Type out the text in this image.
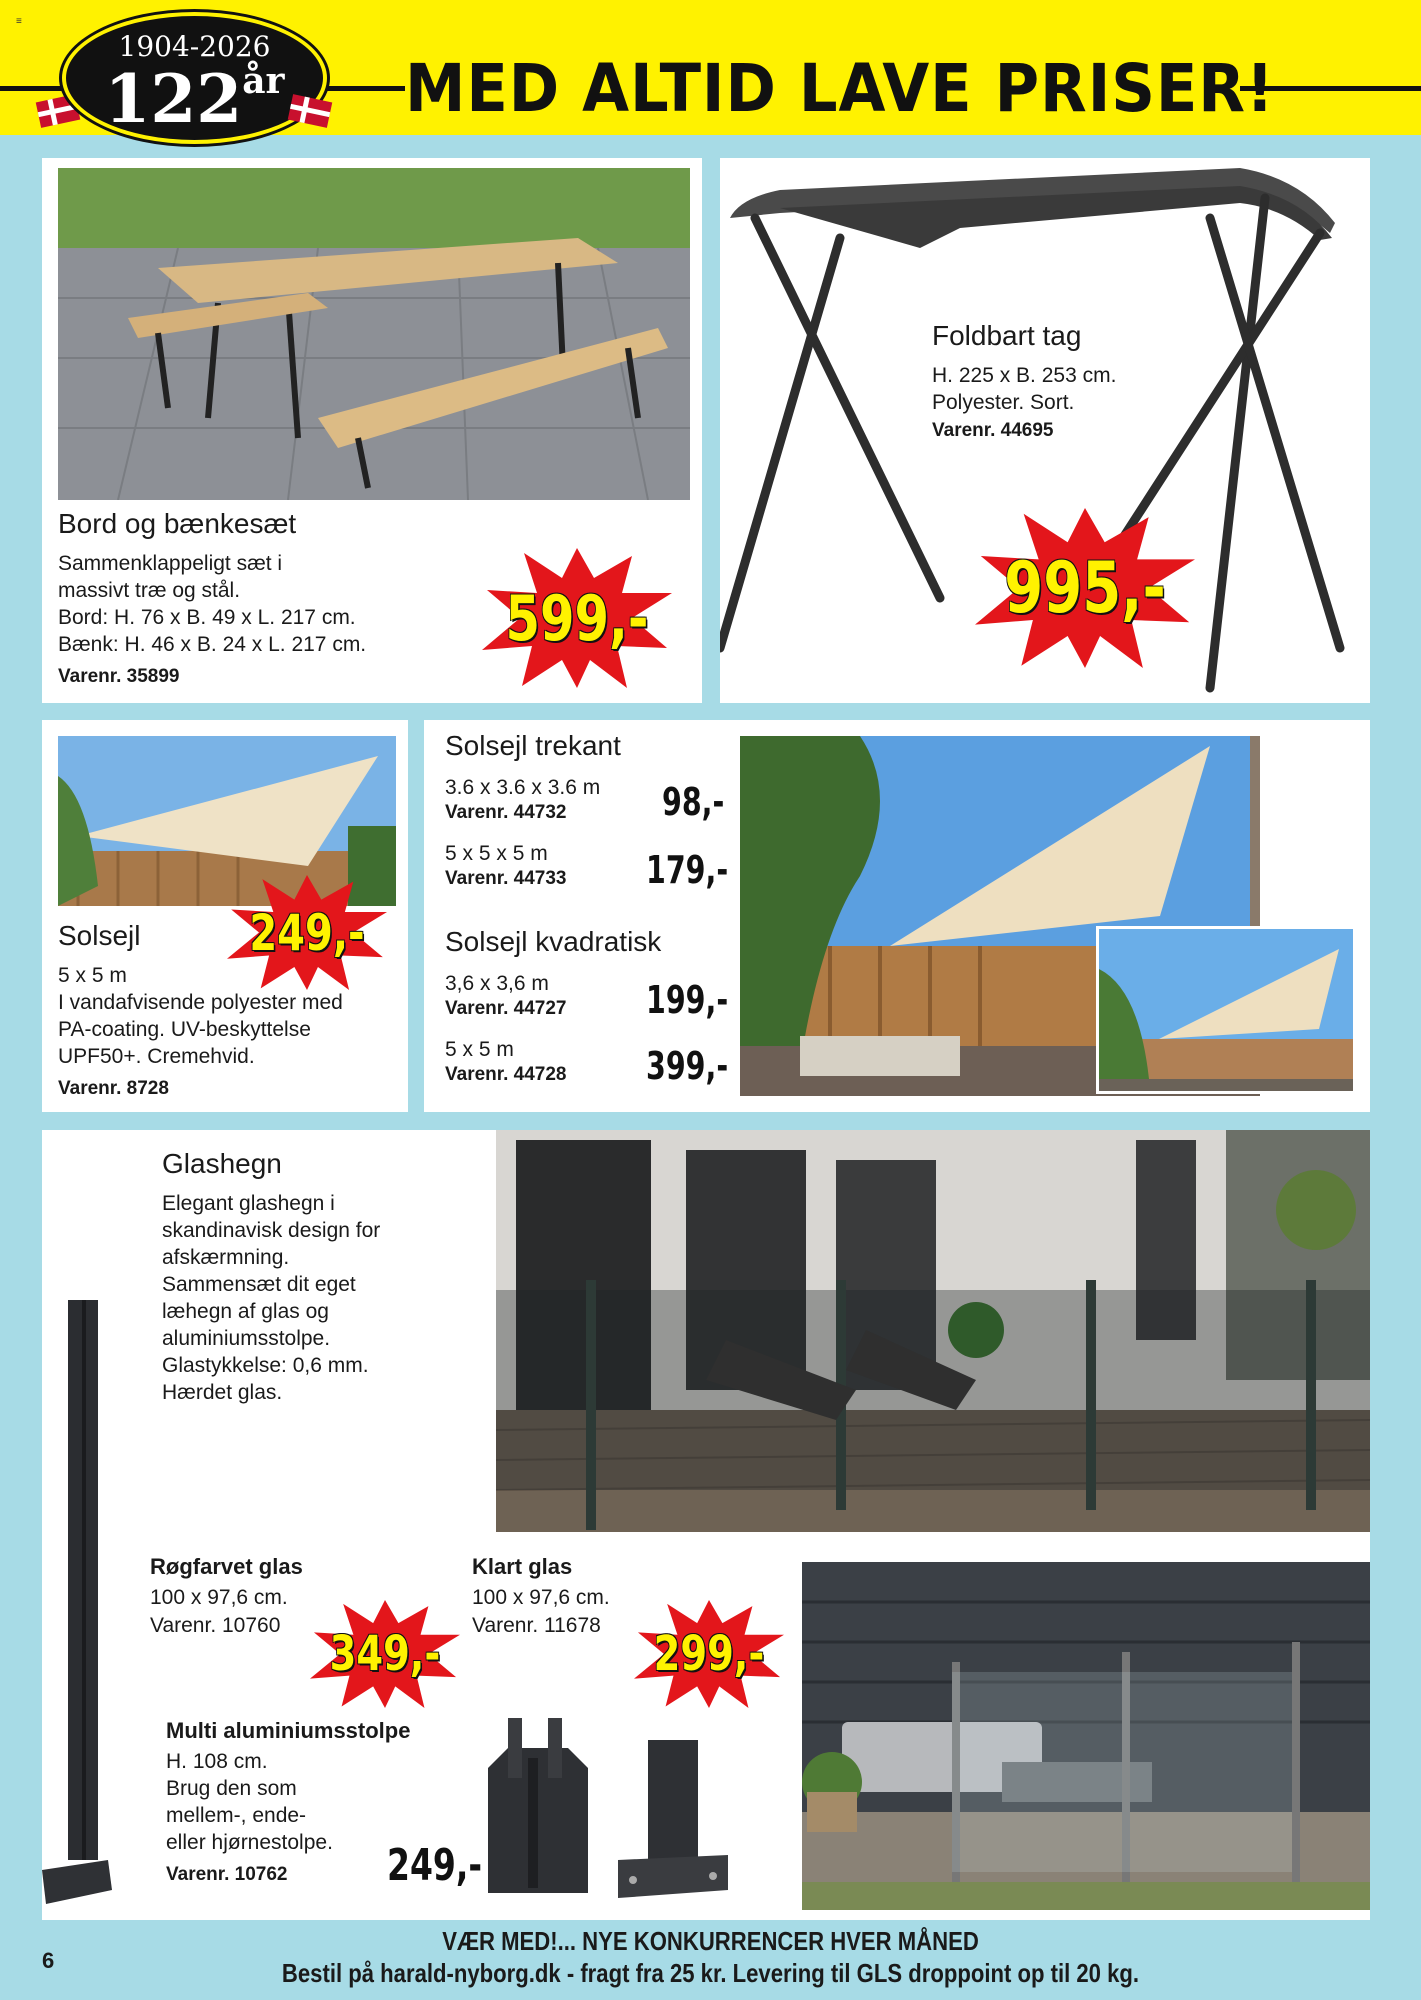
≡
1904-2026
$122^{år}$	MED ALTID LAVE PRISER!
Bord og bænkesæt
Sammenklappeligt sæt i
massivt træ og stål.
Bord: H. 76 x B. 49 x L. 217 cm.
Bænk: H. 46 x B. 24 x L. 217 cm.
Varenr. 35899
599,-
Foldbart tag
H. 225 x B. 253 cm.
Polyester. Sort.
Varenr. 44695
995,-
Solsejl
5 x 5 m
I vandafvisende polyester med
PA-coating. UV-beskyttelse
UPF50+. Cremehvid.
Varenr. 8728
249,-
Solsejl trekant
3.6 x 3.6 x 3.6 m
Varenr. 44732	98,-
5 x 5 x 5 m
Varenr. 44733 179,-
Solsejl kvadratisk
3,6 x 3,6 m
Varenr. 44727 199,-
5 x 5 m
Varenr. 44728 399,-
Glashegn
Elegant glashegn i
skandinavisk design for
afskærmning.
Sammensæt dit eget
læhegn af glas og
aluminiumsstolpe.
Glastykkelse: 0,6 mm.
Hærdet glas.
Røgfarvet glas
100 x 97,6 cm.
Varenr. 10760
349,-
Klart glas
100 x 97,6 cm.
Varenr. 11678
299,-
Multi aluminiumsstolpe
H. 108 cm.
Brug den som
mellem-, ende-
eller hjørnestolpe.
Varenr. 10762 249,-
VÆR MED!... NYE KONKURRENCER HVER MÅNED
Bestil på harald-nyborg.dk - fragt fra 25 kr. Levering til GLS droppoint op til 20 kg.
6
